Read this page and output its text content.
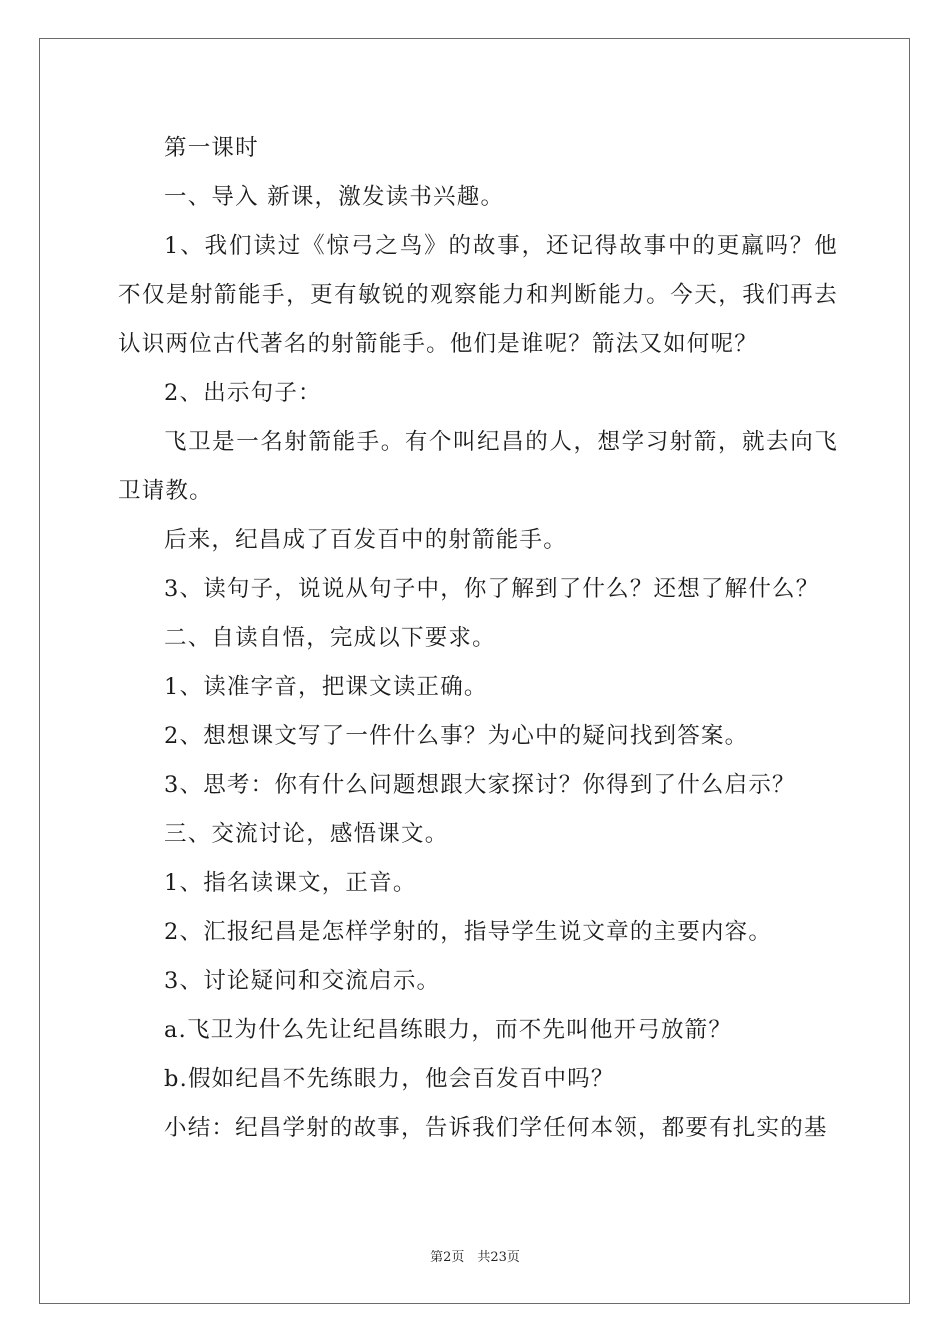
第一课时

一、导入 新课，激发读书兴趣。

1、我们读过《惊弓之鸟》的故事，还记得故事中的更羸吗？他不仅是射箭能手，更有敏锐的观察能力和判断能力。今天，我们再去认识两位古代著名的射箭能手。他们是谁呢？箭法又如何呢？

2、出示句子：

飞卫是一名射箭能手。有个叫纪昌的人，想学习射箭，就去向飞卫请教。

后来，纪昌成了百发百中的射箭能手。

3、读句子，说说从句子中，你了解到了什么？还想了解什么？

二、自读自悟，完成以下要求。

1、读准字音，把课文读正确。

2、想想课文写了一件什么事？为心中的疑问找到答案。

3、思考：你有什么问题想跟大家探讨？你得到了什么启示？

三、交流讨论，感悟课文。

1、指名读课文，正音。

2、汇报纪昌是怎样学射的，指导学生说文章的主要内容。

3、讨论疑问和交流启示。

a.飞卫为什么先让纪昌练眼力，而不先叫他开弓放箭？

b.假如纪昌不先练眼力，他会百发百中吗？

小结：纪昌学射的故事，告诉我们学任何本领，都要有扎实的基

第2页　共23页
